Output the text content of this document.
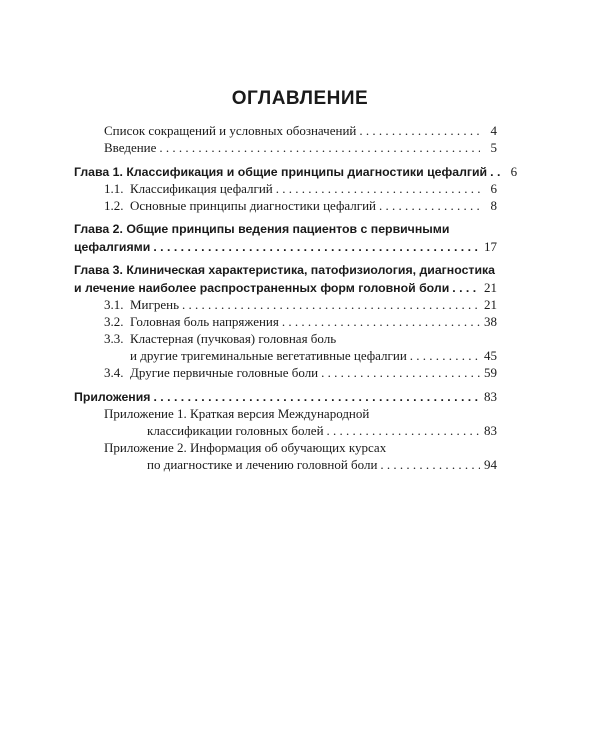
ОГЛАВЛЕНИЕ
Список сокращений и условных обозначений . . .	4
Введение . . .	5
Глава 1. Классификация и общие принципы диагностики цефалгий . . .	6
1.1. Классификация цефалгий . . .	6
1.2. Основные принципы диагностики цефалгий . . .	8
Глава 2. Общие принципы ведения пациентов с первичными
цефалгиями . . .	17
Глава 3. Клиническая характеристика, патофизиология, диагностика
и лечение наиболее распространенных форм головной боли . . .	21
3.1. Мигрень . . .	21
3.2. Головная боль напряжения . . .	38
3.3. Кластерная (пучковая) головная боль
и другие тригеминальные вегетативные цефалгии . . .	45
3.4. Другие первичные головные боли . . .	59
Приложения . . .	83
Приложение 1. Краткая версия Международной
классификации головных болей . . .	83
Приложение 2. Информация об обучающих курсах
по диагностике и лечению головной боли . . .	94
